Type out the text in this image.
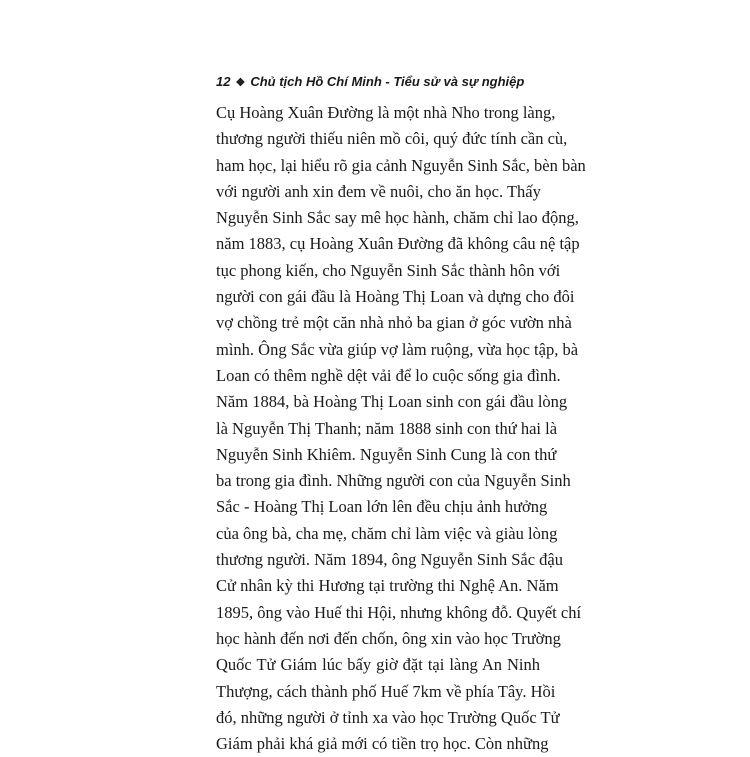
12 ❖ Chủ tịch Hồ Chí Minh - Tiểu sử và sự nghiệp
Cụ Hoàng Xuân Đường là một nhà Nho trong làng,
thương người thiếu niên mồ côi, quý đức tính cần cù,
ham học, lại hiểu rõ gia cảnh Nguyễn Sinh Sắc, bèn bàn
với người anh xin đem về nuôi, cho ăn học. Thấy
Nguyễn Sinh Sắc say mê học hành, chăm chỉ lao động,
năm 1883, cụ Hoàng Xuân Đường đã không câu nệ tập
tục phong kiến, cho Nguyễn Sinh Sắc thành hôn với
người con gái đầu là Hoàng Thị Loan và dựng cho đôi
vợ chồng trẻ một căn nhà nhỏ ba gian ở góc vườn nhà
mình. Ông Sắc vừa giúp vợ làm ruộng, vừa học tập, bà
Loan có thêm nghề dệt vải để lo cuộc sống gia đình.
Năm 1884, bà Hoàng Thị Loan sinh con gái đầu lòng
là Nguyễn Thị Thanh; năm 1888 sinh con thứ hai là
Nguyễn Sinh Khiêm. Nguyễn Sinh Cung là con thứ
ba trong gia đình. Những người con của Nguyễn Sinh
Sắc - Hoàng Thị Loan lớn lên đều chịu ảnh hưởng
của ông bà, cha mẹ, chăm chỉ làm việc và giàu lòng
thương người. Năm 1894, ông Nguyễn Sinh Sắc đậu
Cử nhân kỳ thi Hương tại trường thi Nghệ An. Năm
1895, ông vào Huế thi Hội, nhưng không đỗ. Quyết chí
học hành đến nơi đến chốn, ông xin vào học Trường
Quốc Tử Giám lúc bấy giờ đặt tại làng An Ninh
Thượng, cách thành phố Huế 7km về phía Tây. Hồi
đó, những người ở tỉnh xa vào học Trường Quốc Tử
Giám phải khá giả mới có tiền trọ học. Còn những
